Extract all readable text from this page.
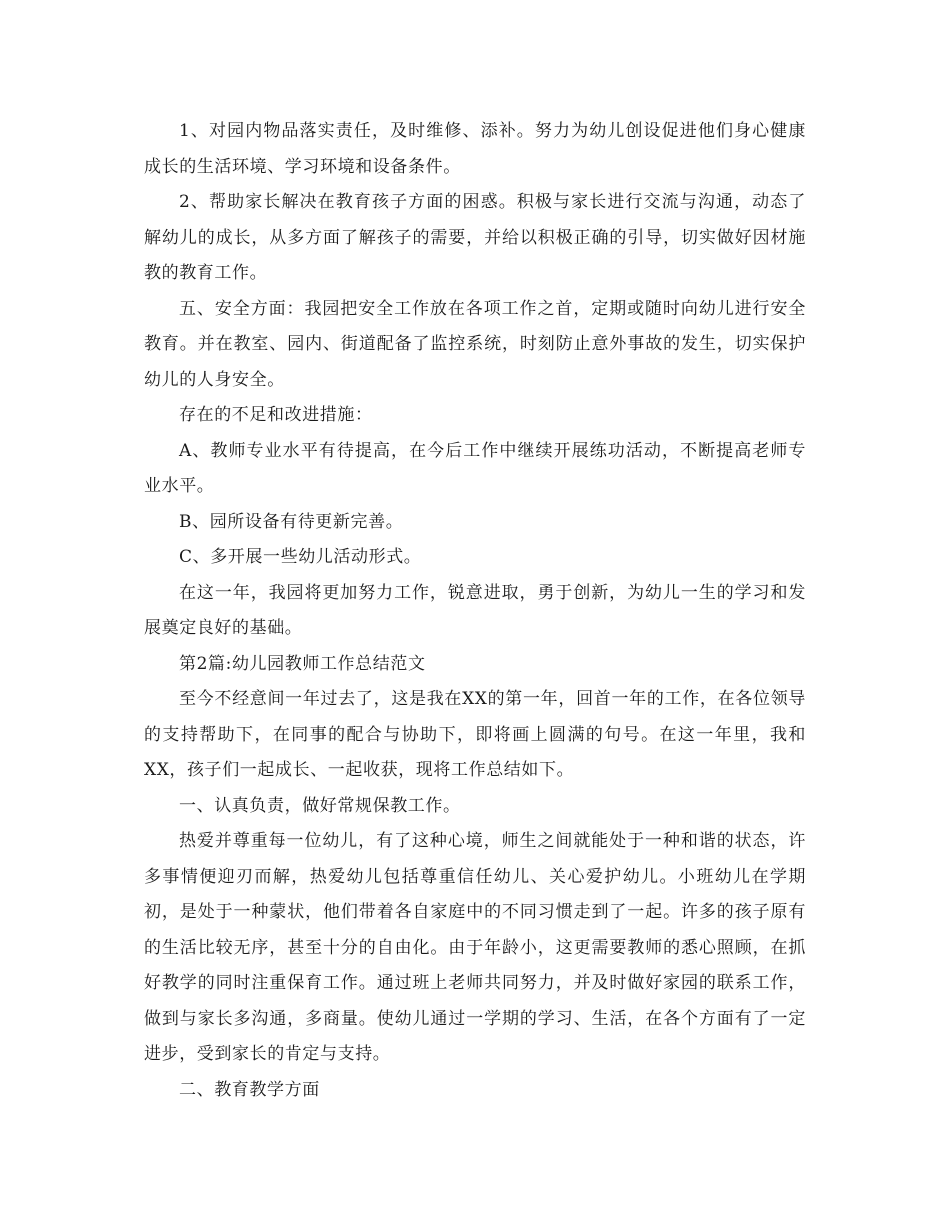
1、对园内物品落实责任，及时维修、添补。努力为幼儿创设促进他们身心健康成长的生活环境、学习环境和设备条件。

2、帮助家长解决在教育孩子方面的困惑。积极与家长进行交流与沟通，动态了解幼儿的成长，从多方面了解孩子的需要，并给以积极正确的引导，切实做好因材施教的教育工作。

五、安全方面：我园把安全工作放在各项工作之首，定期或随时向幼儿进行安全教育。并在教室、园内、街道配备了监控系统，时刻防止意外事故的发生，切实保护幼儿的人身安全。

存在的不足和改进措施：

A、教师专业水平有待提高，在今后工作中继续开展练功活动，不断提高老师专业水平。

B、园所设备有待更新完善。

C、多开展一些幼儿活动形式。

在这一年，我园将更加努力工作，锐意进取，勇于创新，为幼儿一生的学习和发展奠定良好的基础。

第2篇:幼儿园教师工作总结范文

至今不经意间一年过去了，这是我在XX的第一年，回首一年的工作，在各位领导的支持帮助下，在同事的配合与协助下，即将画上圆满的句号。在这一年里，我和XX，孩子们一起成长、一起收获，现将工作总结如下。

一、认真负责，做好常规保教工作。

热爱并尊重每一位幼儿，有了这种心境，师生之间就能处于一种和谐的状态，许多事情便迎刃而解，热爱幼儿包括尊重信任幼儿、关心爱护幼儿。小班幼儿在学期初，是处于一种蒙状，他们带着各自家庭中的不同习惯走到了一起。许多的孩子原有的生活比较无序，甚至十分的自由化。由于年龄小，这更需要教师的悉心照顾，在抓好教学的同时注重保育工作。通过班上老师共同努力，并及时做好家园的联系工作，做到与家长多沟通，多商量。使幼儿通过一学期的学习、生活，在各个方面有了一定进步，受到家长的肯定与支持。

二、教育教学方面
